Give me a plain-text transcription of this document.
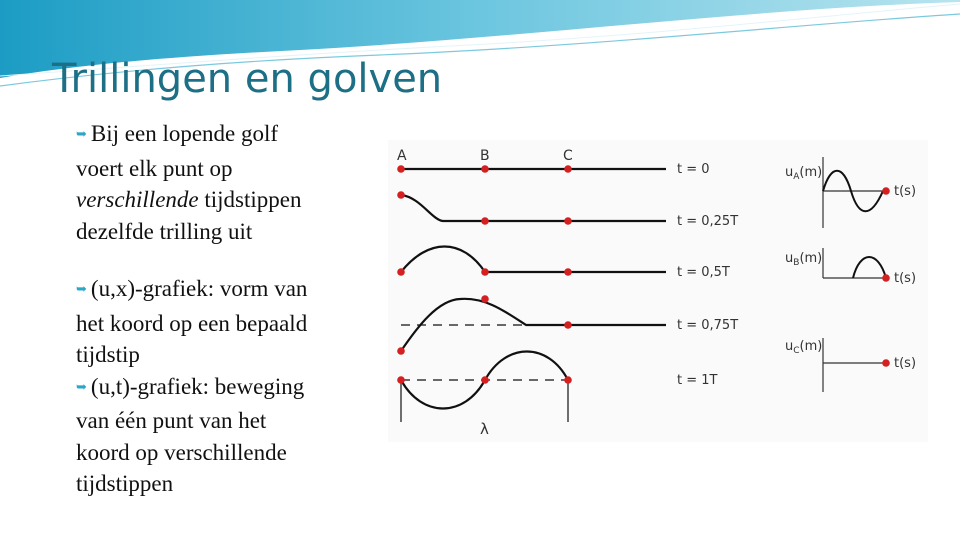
Trillingen en golven
➥ Bij een lopende golf
voert elk punt op
verschillende tijdstippen
dezelfde trilling uit
➥ (u,x)-grafiek: vorm van
het koord op een bepaald
tijdstip
➥ (u,t)-grafiek: beweging
van één punt van het
koord op verschillende
tijdstippen
A	B	C
λ
t = 0
t = 0,25T
t = 0,5T
t = 0,75T
t = 1T
$u_A(m)$
t(s)
$u_B(m)$
t(s)
$u_C(m)$
t(s)
